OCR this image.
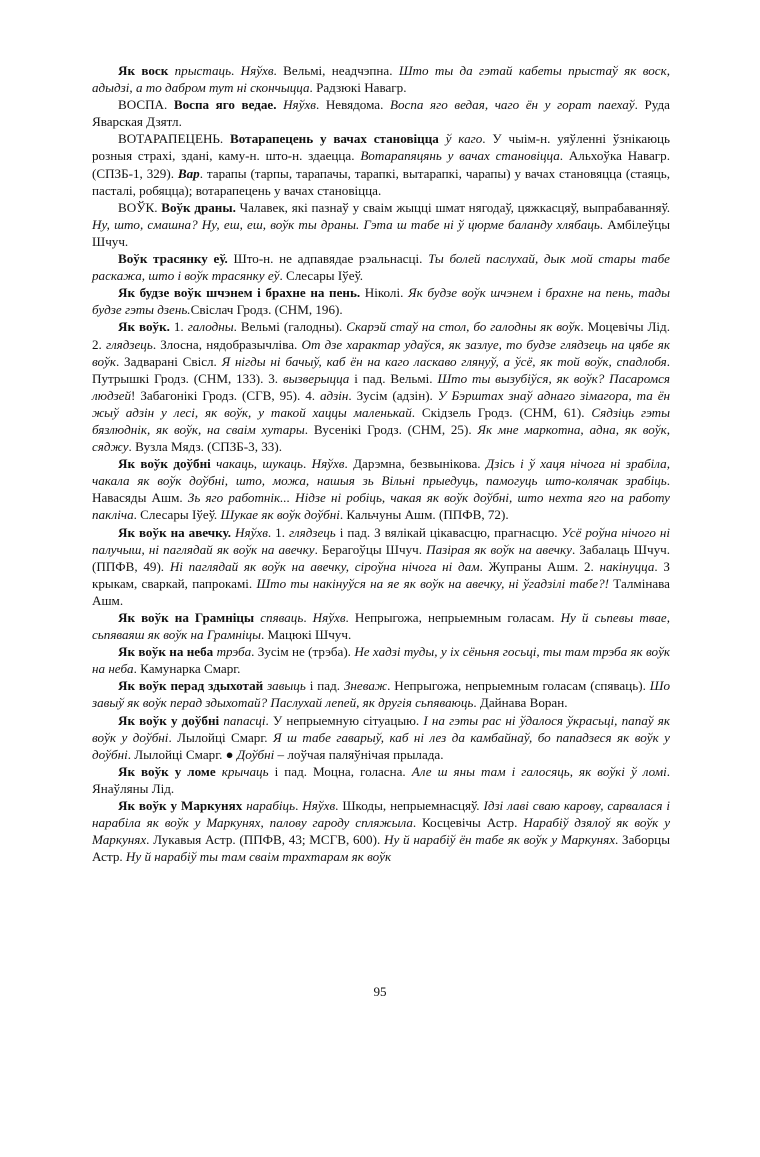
Як воск прыстаць. Няўхв. Вельмі, неадчэпна. Што ты да гэтай кабеты прыстаў як воск, адыдзі, а то дабром тут ні скончыцца. Радзюкі Навагр.

ВОСПА. Воспа яго ведае. Няўхв. Невядома. Воспа яго ведая, чаго ён у горат паехаў. Руда Яварская Дзятл.

ВОТАРАПЕЦЕНЬ. Вотарапецень у вачах становіцца ў каго. У чыім-н. уяўленні ўзнікаюць розныя страхі, здані, каму-н. што-н. здаецца. Вотарапяцянь у вачах становіцца. Альхоўка Навагр. (СПЗБ-1, 329). Вар. тарапы (тарпы, тарапачы, тарапкі, вытарапкі, чарапы) у вачах становяцца (стаяць, пасталі, робяцца); вотарапецень у вачах становіцца.

ВОЎК. Воўк драны. Чалавек, які пазнаў у сваім жыцці шмат нягодаў, цяжкасцяў, выпрабаванняў. Ну, што, смашна? Ну, еш, еш, воўк ты драны. Гэта ш табе ні ў цюрме баланду хлябаць. Амбілеўцы Шчуч.

Воўк трасянку еў. Што-н. не адпавядае рэальнасці. Ты болей паслухай, дык мой стары табе раскажа, што і воўк трасянку еў. Слесары Іўеў.

Як будзе воўк шчэнем і брахне на пень. Ніколі. Як будзе воўк шчэнем і брахне на пень, тады будзе гэты дзень.Свіслач Гродз. (СНМ, 196).

Як воўк. 1. галодны. Вельмі (галодны). Скарэй стаў на стол, бо галодны як воўк. Моцевічы Лід. 2. глядзець. Злосна, нядобразычліва. От дзе характар удаўся, як зазлуе, то будзе глядзець на цябе як воўк. Задварані Свісл. Я нігды ні бачыў, каб ён на каго ласкаво глянуў, а ўсё, як той воўк, спадлобя. Путрышкі Гродз. (СНМ, 133). 3. вызверыцца і пад. Вельмі. Што ты вызубіўся, як воўк? Пасаромся людзей! Забагонікі Гродз. (СГВ, 95). 4. адзін. Зусім (адзін). У Бэрштах знаў аднаго зімагора, та ён жыў адзін у лесі, як воўк, у такой хаццы маленькай. Скідзель Гродз. (СНМ, 61). Сядзіць гэты бязлюднік, як воўк, на сваім хутары. Вусенікі Гродз. (СНМ, 25). Як мне маркотна, адна, як воўк, сяджу. Вузла Мядз. (СПЗБ-3, 33).

Як воўк доўбні чакаць, шукаць. Няўхв. Дарэмна, безвынікова. Дзісь і ў хаця нічога ні зрабіла, чакала як воўк доўбні, што, можа, нашыя зь Вільні прыедуць, памогуць што-колячак зрабіць. Навасяды Ашм. Зь яго работнік... Нідзе ні робіць, чакая як воўк доўбні, што нехта яго на работу паклiча. Слесары Іўеў. Шукае як воўк доўбні. Кальчуны Ашм. (ППФВ, 72).

Як воўк на авечку. Няўхв. 1. глядзець і пад. З вялікай цікавасцю, прагнасцю. Усё роўна нічого ні палучыш, ні паглядай як воўк на авечку. Берагоўцы Шчуч. Пазірая як воўк на авечку. Забалаць Шчуч. (ППФВ, 49). Ні паглядай як воўк на авечку, сіроўна нічога ні дам. Жупраны Ашм. 2. накінуцца. З крыкам, сваркай, папрокамі. Што ты накінуўся на яе як воўк на авечку, ні ўгадзілі табе?! Талмінава Ашм.

Як воўк на Грамніцы спяваць. Няўхв. Непрыгожа, непрыемным голасам. Ну й сьпевы твае, сьпяваяш як воўк на Грамніцы. Мацюкі Шчуч.

Як воўк на неба трэба. Зусім не (трэба). Не хадзі туды, у іх сёньня госьці, ты там трэба як воўк на неба. Камунарка Смарг.

Як воўк перад здыхотай завыць і пад. Зневаж. Непрыгожа, непрыемным голасам (спяваць). Шо завыў як воўк перад здыхотай? Паслухай лепей, як другія сьпяваюць. Дайнава Воран.

Як воўк у доўбні папасці. У непрыемную сітуацыю. І на гэты рас ні ўдалося ўкрасьці, папаў як воўк у доўбні. Лылойці Смарг. Я ш табе гаварыў, каб ні лез да камбайнаў, бо пападзеся як воўк у доўбні. Лылойці Смарг. ● Доўбні – лоўчая паляўнічая прылада.

Як воўк у ломе крычаць і пад. Моцна, голасна. Але ш яны там і галосяць, як воўкі ў ломі. Янаўляны Лід.

Як воўк у Маркунях нарабіць. Няўхв. Шкоды, непрыемнасцяў. Ідзі лаві сваю карову, сарвалася і нарабіла як воўк у Маркунях, палову гароду спляжыла. Косцевічы Астр. Нарабіў дзялоў як воўк у Маркунях. Лукавыя Астр. (ППФВ, 43; МСГВ, 600). Ну й нарабіў ён табе як воўк у Маркунях. Заборцы Астр. Ну й нарабіў ты там сваім трахтарам як воўк

95
